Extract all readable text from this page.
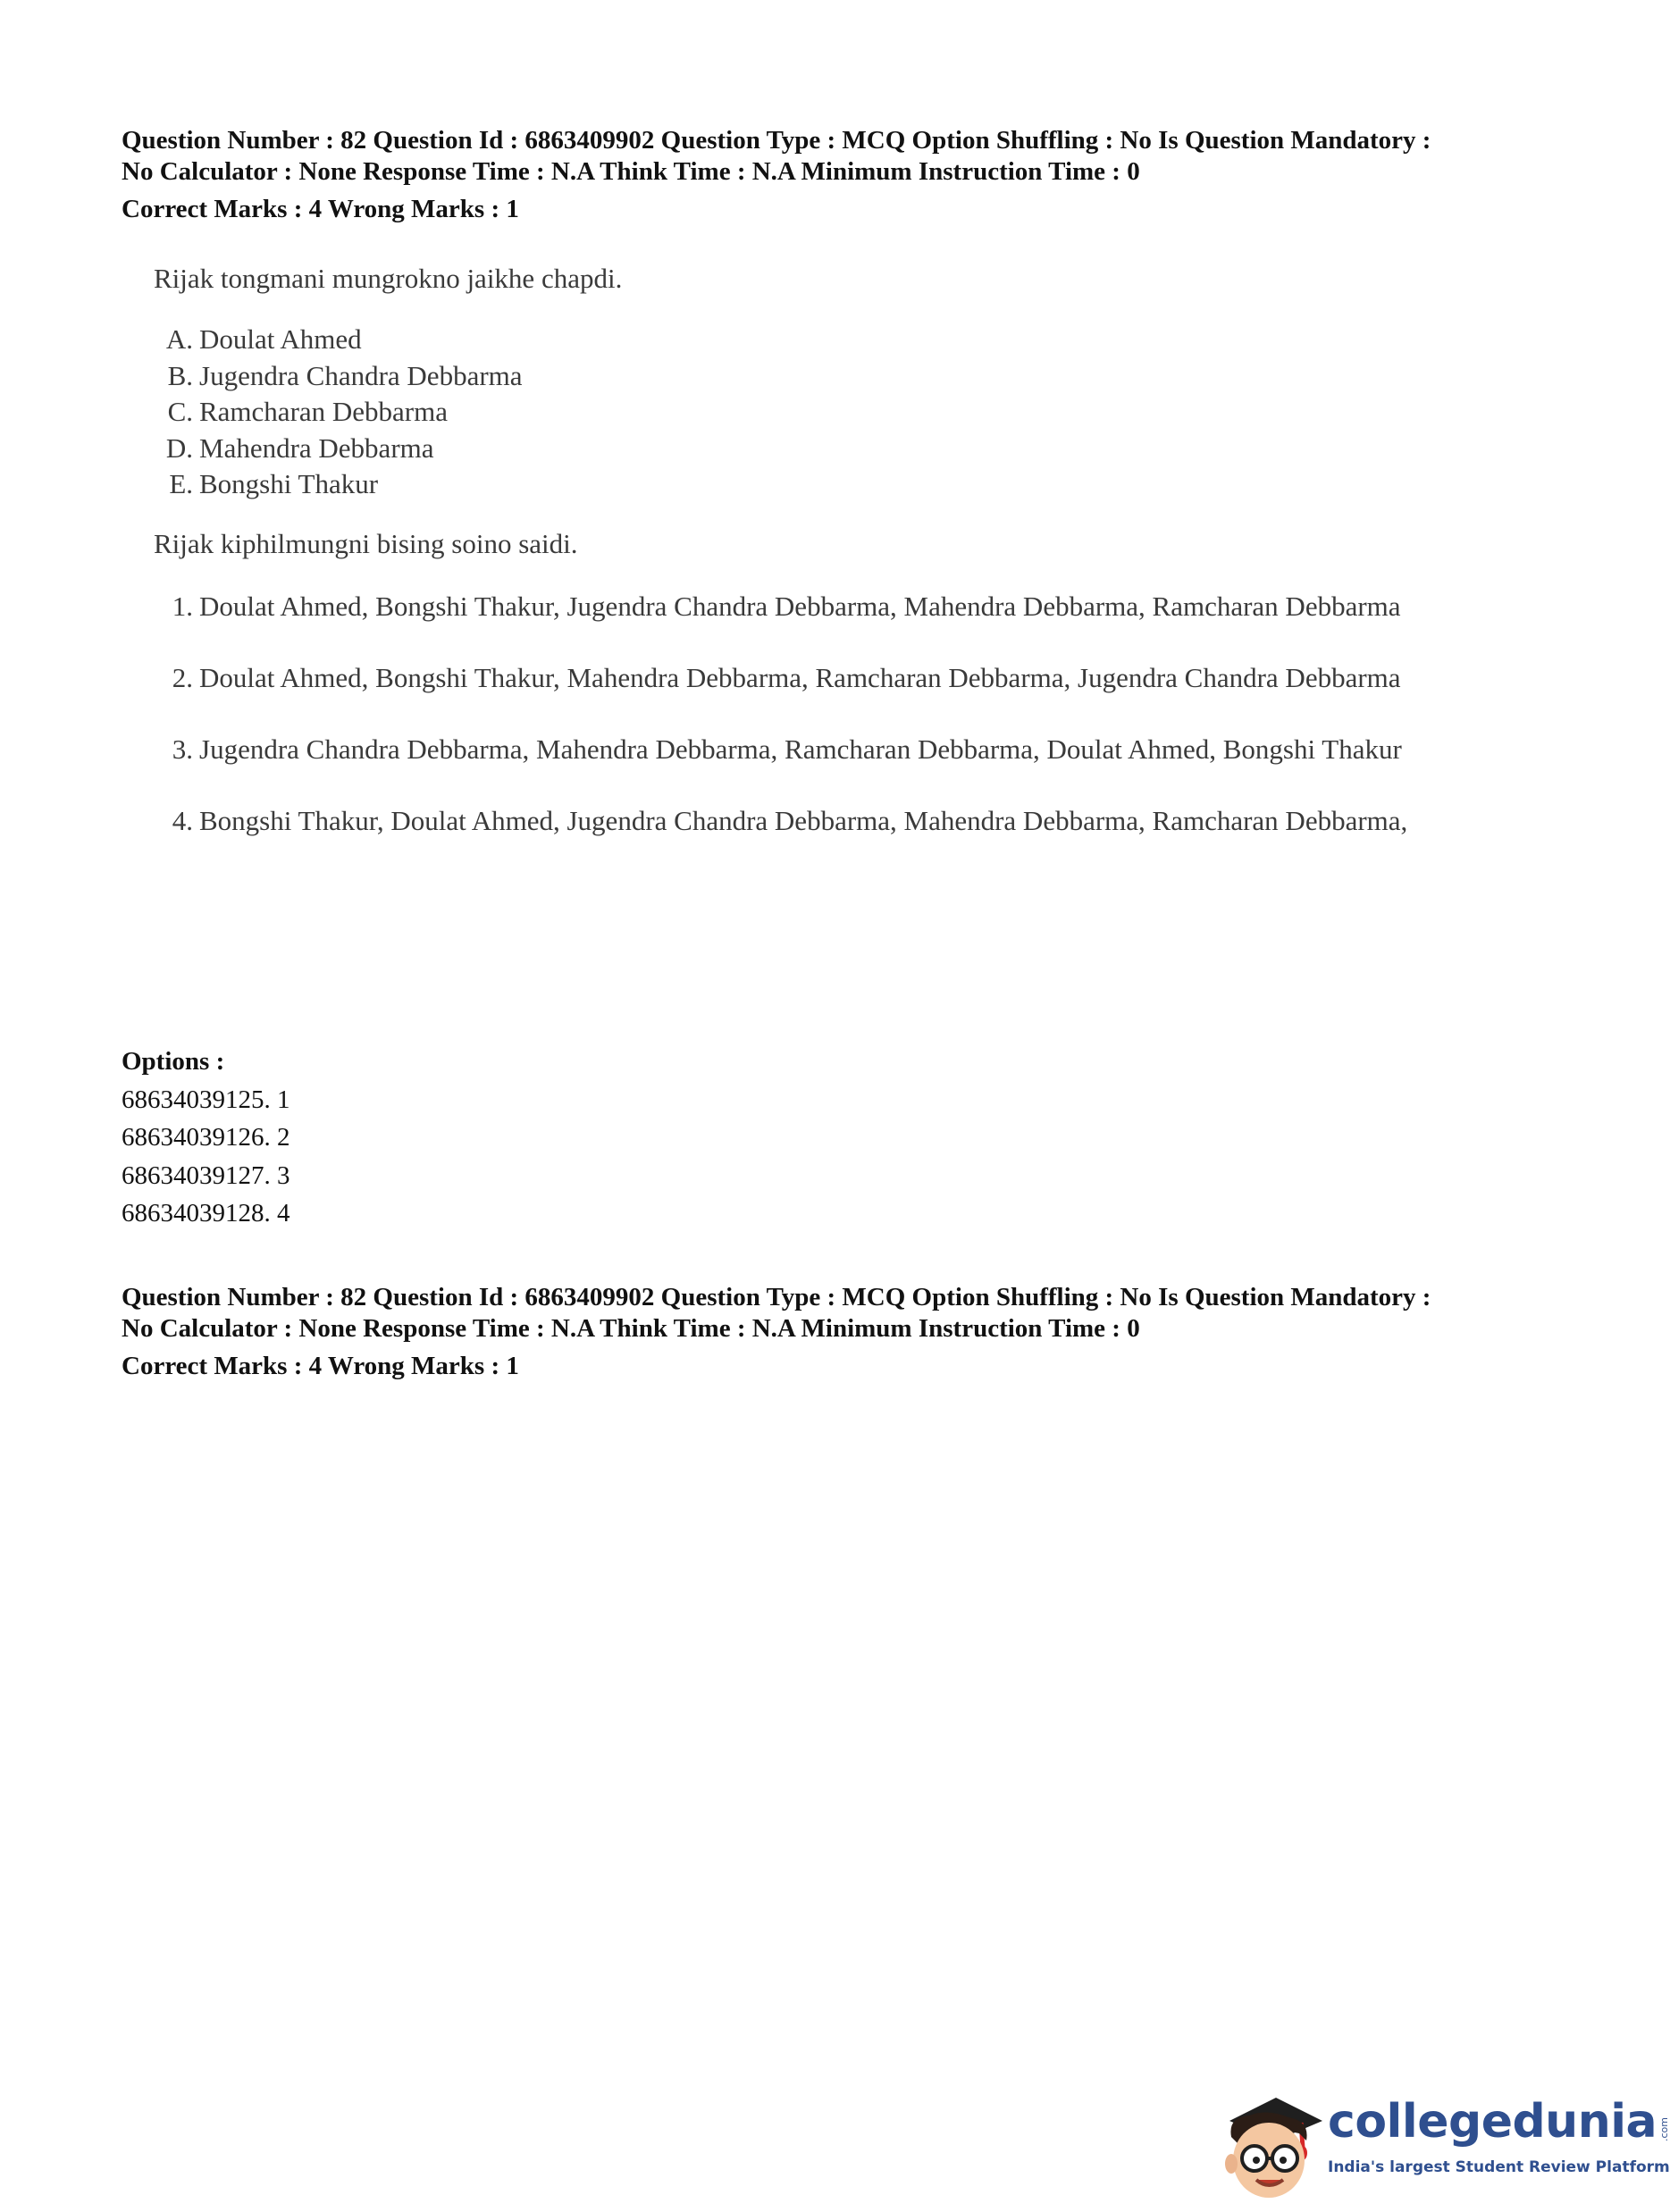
Question Number : 82 Question Id : 6863409902 Question Type : MCQ Option Shuffling : No Is Question Mandatory :

No Calculator : None Response Time : N.A Think Time : N.A Minimum Instruction Time : 0

Correct Marks : 4 Wrong Marks : 1

Rijak tongmani mungrokno jaikhe chapdi.

A. Doulat Ahmed
B. Jugendra Chandra Debbarma
C. Ramcharan Debbarma
D. Mahendra Debbarma
E. Bongshi Thakur

Rijak kiphilmungni bising soino saidi.

1. Doulat Ahmed, Bongshi Thakur, Jugendra Chandra Debbarma, Mahendra Debbarma, Ramcharan Debbarma
2. Doulat Ahmed, Bongshi Thakur, Mahendra Debbarma, Ramcharan Debbarma, Jugendra Chandra Debbarma
3. Jugendra Chandra Debbarma, Mahendra Debbarma, Ramcharan Debbarma, Doulat Ahmed, Bongshi Thakur
4. Bongshi Thakur, Doulat Ahmed, Jugendra Chandra Debbarma, Mahendra Debbarma, Ramcharan Debbarma,
Options :
68634039125. 1
68634039126. 2
68634039127. 3
68634039128. 4

Question Number : 82 Question Id : 6863409902 Question Type : MCQ Option Shuffling : No Is Question Mandatory :

No Calculator : None Response Time : N.A Think Time : N.A Minimum Instruction Time : 0

Correct Marks : 4 Wrong Marks : 1

collegedunia .com
India's largest Student Review Platform
